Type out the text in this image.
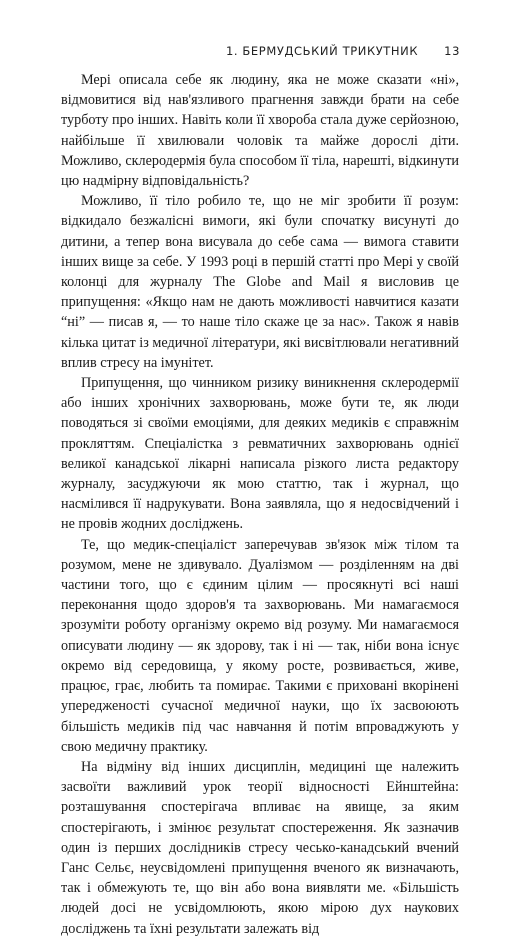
1. БЕРМУДСЬКИЙ ТРИКУТНИК 13

Мері описала себе як людину, яка не може сказати «ні», відмовитися від нав'язливого прагнення завжди брати на себе турботу про інших. Навіть коли її хвороба стала дуже серйозною, найбільше її хвилювали чоловік та майже дорослі діти. Можливо, склеродермія була способом її тіла, нарешті, відкинути цю надмірну відповідальність?

Можливо, її тіло робило те, що не міг зробити її розум: відкидало безжалісні вимоги, які були спочатку висунуті до дитини, а тепер вона висувала до себе сама — вимога ставити інших вище за себе. У 1993 році в першій статті про Мері у своїй колонці для журналу The Globe and Mail я висловив це припущення: «Якщо нам не дають можливості навчитися казати “ні” — писав я, — то наше тіло скаже це за нас». Також я навів кілька цитат із медичної літератури, які висвітлювали негативний вплив стресу на імунітет.

Припущення, що чинником ризику виникнення склеродермії або інших хронічних захворювань, може бути те, як люди поводяться зі своїми емоціями, для деяких медиків є справжнім прокляттям. Спеціалістка з ревматичних захворювань однієї великої канадської лікарні написала різкого листа редактору журналу, засуджуючи як мою статтю, так і журнал, що насмілився її надрукувати. Вона заявляла, що я недосвідчений і не провів жодних досліджень.

Те, що медик-спеціаліст заперечував зв'язок між тілом та розумом, мене не здивувало. Дуалізмом — розділенням на дві частини того, що є єдиним цілим — просякнуті всі наші переконання щодо здоров'я та захворювань. Ми намагаємося зрозуміти роботу організму окремо від розуму. Ми намагаємося описувати людину — як здорову, так і ні — так, ніби вона існує окремо від середовища, у якому росте, розвивається, живе, працює, грає, любить та помирає. Такими є приховані вкорінені упередженості сучасної медичної науки, що їх засвоюють більшість медиків під час навчання й потім впроваджують у свою медичну практику.

На відміну від інших дисциплін, медицині ще належить засвоїти важливий урок теорії відносності Ейнштейна: розташування спостерігача впливає на явище, за яким спостерігають, і змінює результат спостереження. Як зазначив один із перших дослідників стресу чесько-канадський вчений Ганс Сельє, неусвідомлені припущення вченого як визначають, так і обмежують те, що він або вона виявляти ме. «Більшість людей досі не усвідомлюють, якою мірою дух наукових досліджень та їхні результати залежать від
